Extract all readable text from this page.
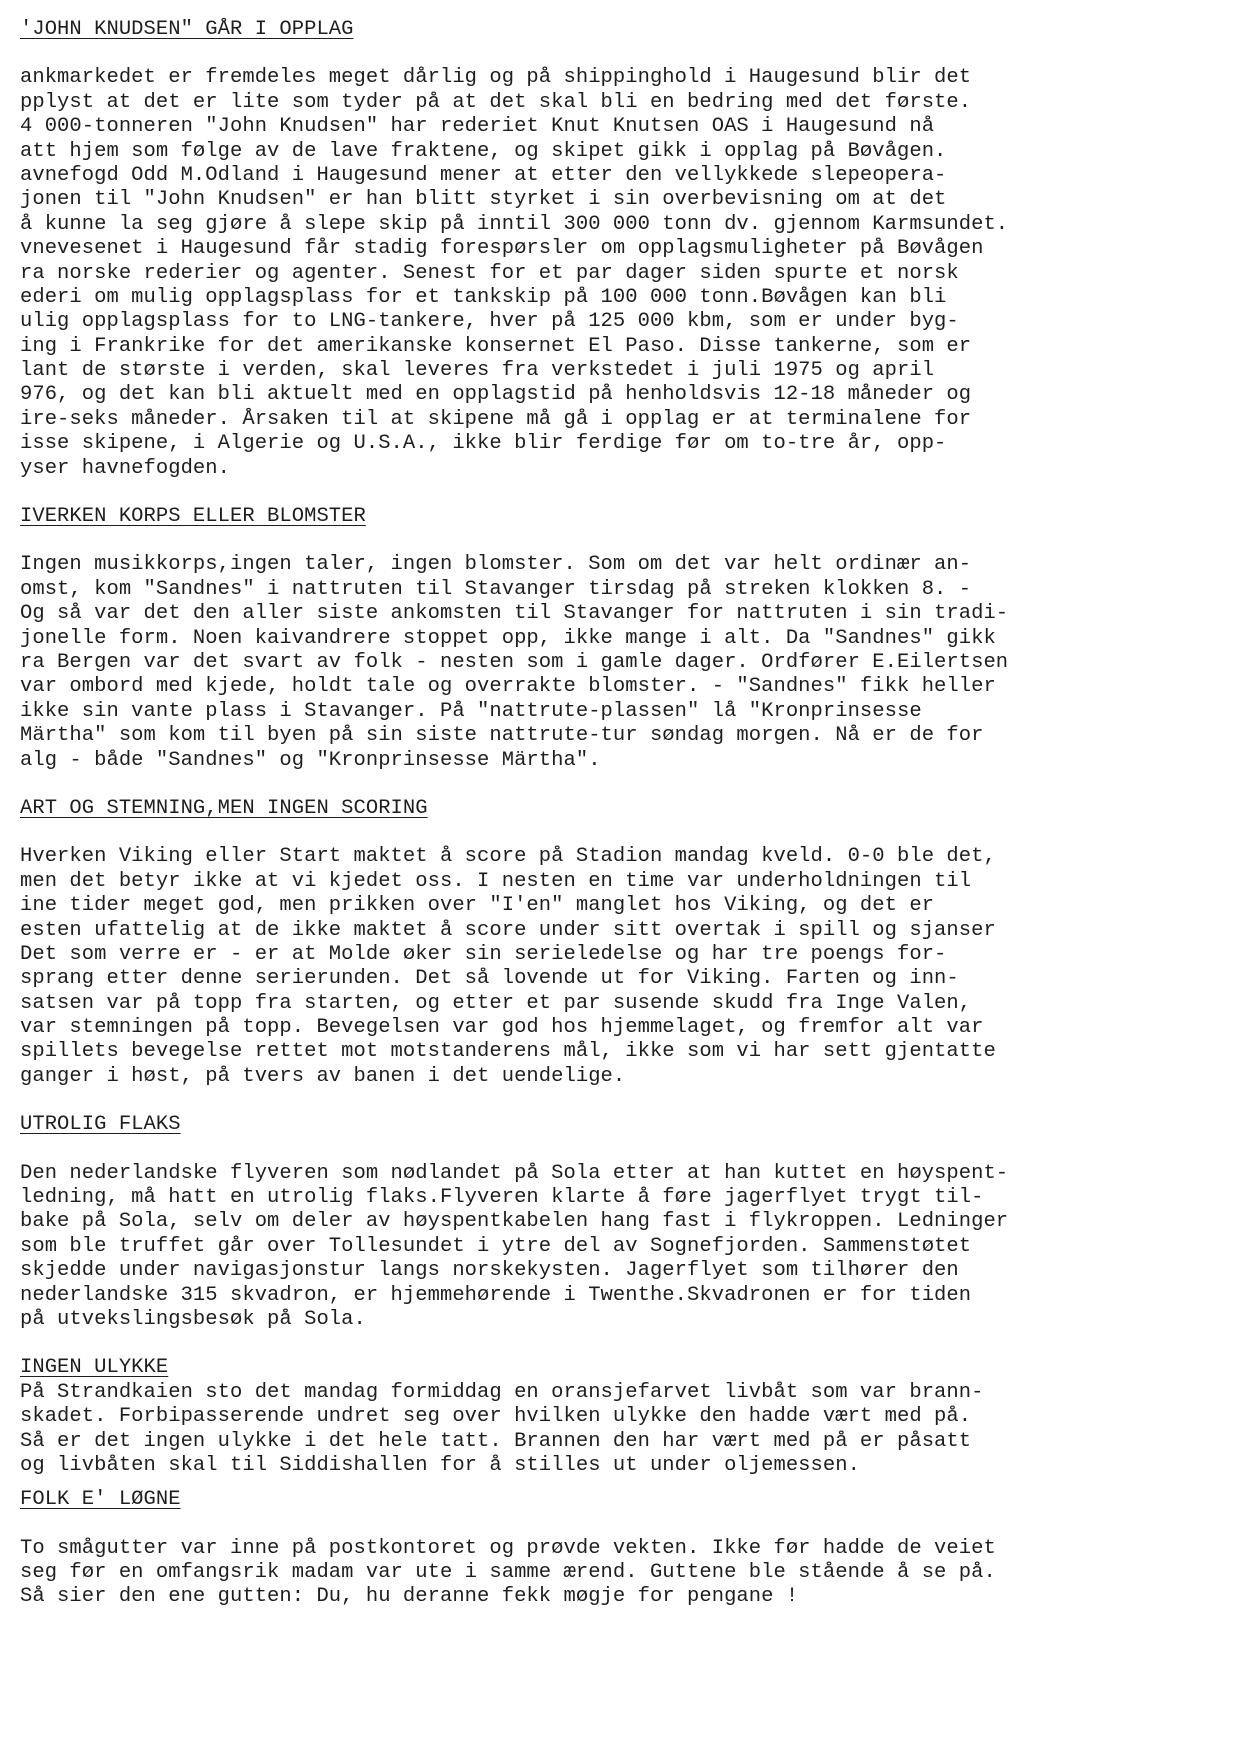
'JOHN KNUDSEN" GÅR I OPPLAG
ankmarkedet er fremdeles meget dårlig og på shippinghold i Haugesund blir det
pplyst at det er lite som tyder på at det skal bli en bedring med det første.
4 000-tonneren "John Knudsen" har rederiet Knut Knutsen OAS i Haugesund nå
att hjem som følge av de lave fraktene, og skipet gikk i opplag på Bøvågen.
avnefogd Odd M.Odland i Haugesund mener at etter den vellykkede slepeopera-
jonen til "John Knudsen" er han blitt styrket i sin overbevisning om at det
å kunne la seg gjøre å slepe skip på inntil 300 000 tonn dv. gjennom Karmsundet.
vnevesenet i Haugesund får stadig forespørsler om opplagsmuligheter på Bøvågen
ra norske rederier og agenter. Senest for et par dager siden spurte et norsk
ederi om mulig opplagsplass for et tankskip på 100 000 tonn.Bøvågen kan bli
ulig opplagsplass for to LNG-tankere, hver på 125 000 kbm, som er under byg-
ing i Frankrike for det amerikanske konsernet El Paso. Disse tankerne, som er
lant de største i verden, skal leveres fra verkstedet i juli 1975 og april
976, og det kan bli aktuelt med en opplagstid på henholdsvis 12-18 måneder og
ire-seks måneder. Årsaken til at skipene må gå i opplag er at terminalene for
isse skipene, i Algerie og U.S.A., ikke blir ferdige før om to-tre år, opp-
yser havnefogden.
IVERKEN KORPS ELLER BLOMSTER
Ingen musikkorps,ingen taler, ingen blomster. Som om det var helt ordinær an-
omst, kom "Sandnes" i nattruten til Stavanger tirsdag på streken klokken 8. -
Og så var det den aller siste ankomsten til Stavanger for nattruten i sin tradi-
jonelle form. Noen kaivandrere stoppet opp, ikke mange i alt. Da "Sandnes" gikk
ra Bergen var det svart av folk - nesten som i gamle dager. Ordfører E.Eilertsen
var ombord med kjede, holdt tale og overrakte blomster. - "Sandnes" fikk heller
ikke sin vante plass i Stavanger. På "nattrute-plassen" lå "Kronprinsesse
Märtha" som kom til byen på sin siste nattrute-tur søndag morgen. Nå er de for
alg - både "Sandnes" og "Kronprinsesse Märtha".
ART OG STEMNING,MEN INGEN SCORING
Hverken Viking eller Start maktet å score på Stadion mandag kveld. 0-0 ble det,
men det betyr ikke at vi kjedet oss. I nesten en time var underholdningen til
ine tider meget god, men prikken over "I'en" manglet hos Viking, og det er
esten ufattelig at de ikke maktet å score under sitt overtak i spill og sjanser
Det som verre er - er at Molde øker sin serieledelse og har tre poengs for-
sprang etter denne serierunden. Det så lovende ut for Viking. Farten og inn-
satsen var på topp fra starten, og etter et par susende skudd fra Inge Valen,
var stemningen på topp. Bevegelsen var god hos hjemmelaget, og fremfor alt var
spillets bevegelse rettet mot motstanderens mål, ikke som vi har sett gjentatte
ganger i høst, på tvers av banen i det uendelige.
UTROLIG FLAKS
Den nederlandske flyveren som nødlandet på Sola etter at han kuttet en høyspent-
ledning, må hatt en utrolig flaks.Flyveren klarte å føre jagerflyet trygt til-
bake på Sola, selv om deler av høyspentkabelen hang fast i flykroppen. Ledninger
som ble truffet går over Tollesundet i ytre del av Sognefjorden. Sammenstøtet
skjedde under navigasjonstur langs norskekysten. Jagerflyet som tilhører den
nederlandske 315 skvadron, er hjemmehørende i Twenthe.Skvadronen er for tiden
på utvekslingsbesøk på Sola.
INGEN ULYKKE
På Strandkaien sto det mandag formiddag en oransjefarvet livbåt som var brann-
skadet. Forbipasserende undret seg over hvilken ulykke den hadde vært med på.
Så er det ingen ulykke i det hele tatt. Brannen den har vært med på er påsatt
og livbåten skal til Siddishallen for å stilles ut under oljemessen.
FOLK E' LØGNE
To smågutter var inne på postkontoret og prøvde vekten. Ikke før hadde de veiet
seg før en omfangsrik madam var ute i samme ærend. Guttene ble stående å se på.
Så sier den ene gutten: Du, hu deranne fekk møgje for pengane !
